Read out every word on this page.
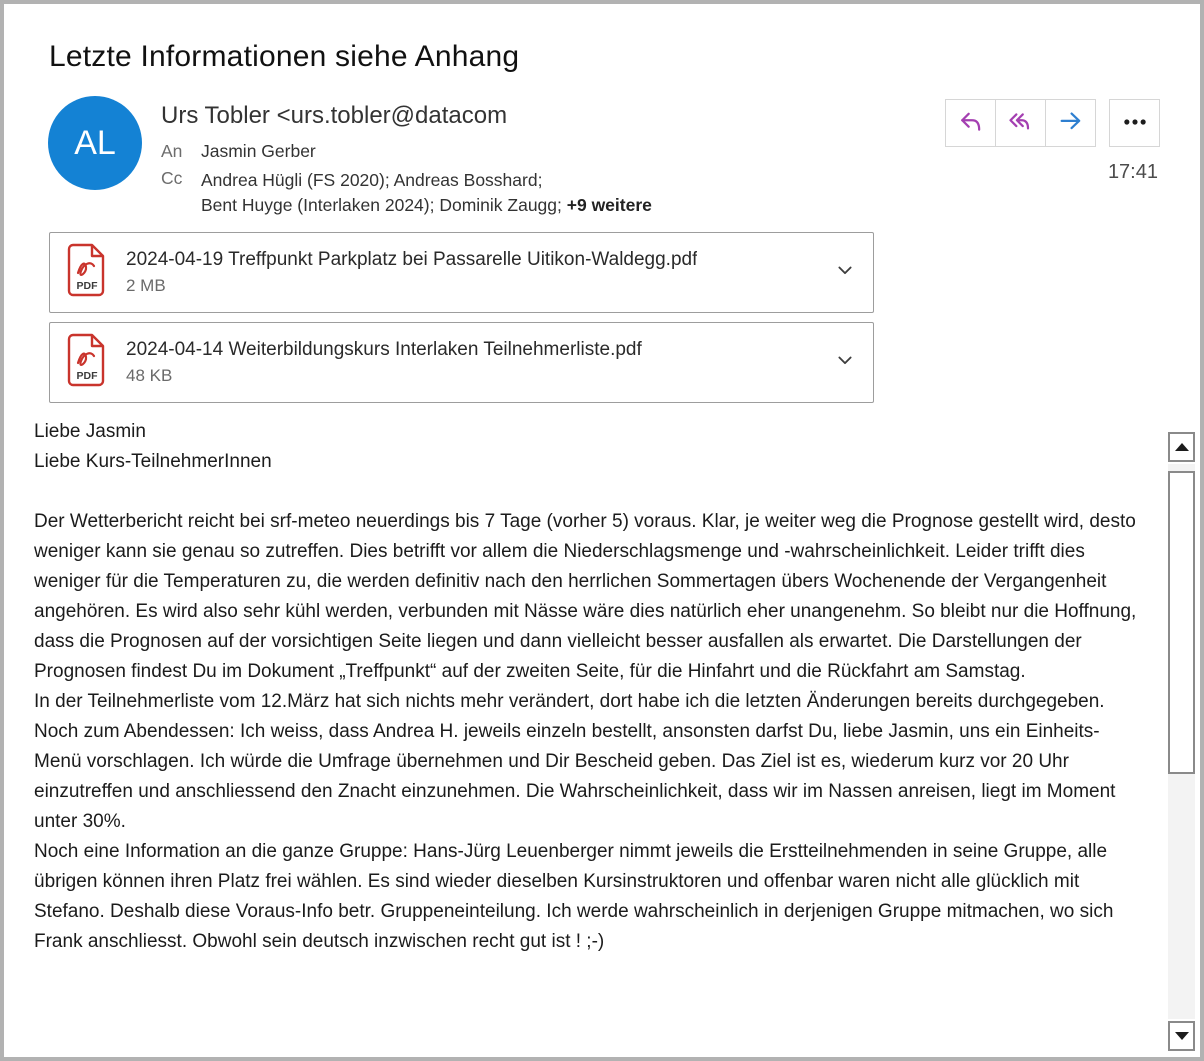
Letzte Informationen siehe Anhang
17:41
AL
Urs Tobler <urs.tobler@datacom
An	Jasmin Gerber
Cc	Andrea Hügli (FS 2020); Andreas Bosshard;
Bent Huyge (Interlaken 2024); Dominik Zaugg; +9 weitere
PDF
2024-04-19 Treffpunkt Parkplatz bei Passarelle Uitikon-Waldegg.pdf
2 MB
PDF
2024-04-14 Weiterbildungskurs Interlaken Teilnehmerliste.pdf
48 KB

Liebe Jasmin

Liebe Kurs-TeilnehmerInnen

Der Wetterbericht reicht bei srf-meteo neuerdings bis 7 Tage (vorher 5) voraus. Klar, je weiter weg die Prognose gestellt wird, desto weniger kann sie genau so zutreffen. Dies betrifft vor allem die Niederschlagsmenge und -wahrscheinlichkeit. Leider trifft dies weniger für die Temperaturen zu, die werden definitiv nach den herrlichen Sommertagen übers Wochenende der Vergangenheit angehören. Es wird also sehr kühl werden, verbunden mit Nässe wäre dies natürlich eher unangenehm. So bleibt nur die Hoffnung, dass die Prognosen auf der vorsichtigen Seite liegen und dann vielleicht besser ausfallen als erwartet. Die Darstellungen der Prognosen findest Du im Dokument „Treffpunkt“ auf der zweiten Seite, für die Hinfahrt und die Rückfahrt am Samstag.

In der Teilnehmerliste vom 12.März hat sich nichts mehr verändert, dort habe ich die letzten Änderungen bereits durchgegeben. Noch zum Abendessen: Ich weiss, dass Andrea H. jeweils einzeln bestellt, ansonsten darfst Du, liebe Jasmin, uns ein Einheits-Menü vorschlagen. Ich würde die Umfrage übernehmen und Dir Bescheid geben. Das Ziel ist es, wiederum kurz vor 20 Uhr einzutreffen und anschliessend den Znacht einzunehmen. Die Wahrscheinlichkeit, dass wir im Nassen anreisen, liegt im Moment unter 30%.

Noch eine Information an die ganze Gruppe: Hans-Jürg Leuenberger nimmt jeweils die Erstteilnehmenden in seine Gruppe, alle übrigen können ihren Platz frei wählen. Es sind wieder dieselben Kursinstruktoren und offenbar waren nicht alle glücklich mit Stefano. Deshalb diese Voraus-Info betr. Gruppeneinteilung. Ich werde wahrscheinlich in derjenigen Gruppe mitmachen, wo sich Frank anschliesst. Obwohl sein deutsch inzwischen recht gut ist ! ;-)
